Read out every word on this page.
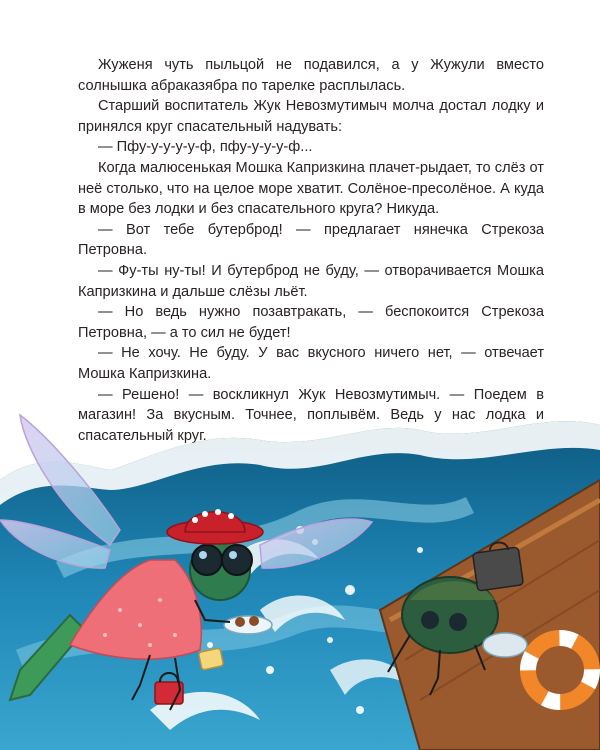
Жуженя чуть пыльцой не подавился, а у Жужули вместо солнышка абраказябра по тарелке расплылась.

Старший воспитатель Жук Невозмутимыч молча достал лодку и принялся круг спасательный надувать:

— Пфу-у-у-у-у-ф, пфу-у-у-у-ф...

Когда малюсенькая Мошка Капризкина плачет-рыдает, то слёз от неё столько, что на целое море хватит. Солёное-пресолёное. А куда в море без лодки и без спасательного круга? Никуда.

— Вот тебе бутерброд! — предлагает нянечка Стрекоза Петровна.

— Фу-ты ну-ты! И бутерброд не буду, — отворачивается Мошка Капризкина и дальше слёзы льёт.

— Но ведь нужно позавтракать, — беспокоится Стрекоза Петровна, — а то сил не будет!

— Не хочу. Не буду. У вас вкусного ничего нет, — отвечает Мошка Капризкина.

— Решено! — воскликнул Жук Невозмутимыч. — Поедем в магазин! За вкусным. Точнее, поплывём. Ведь у нас лодка и спасательный круг.
